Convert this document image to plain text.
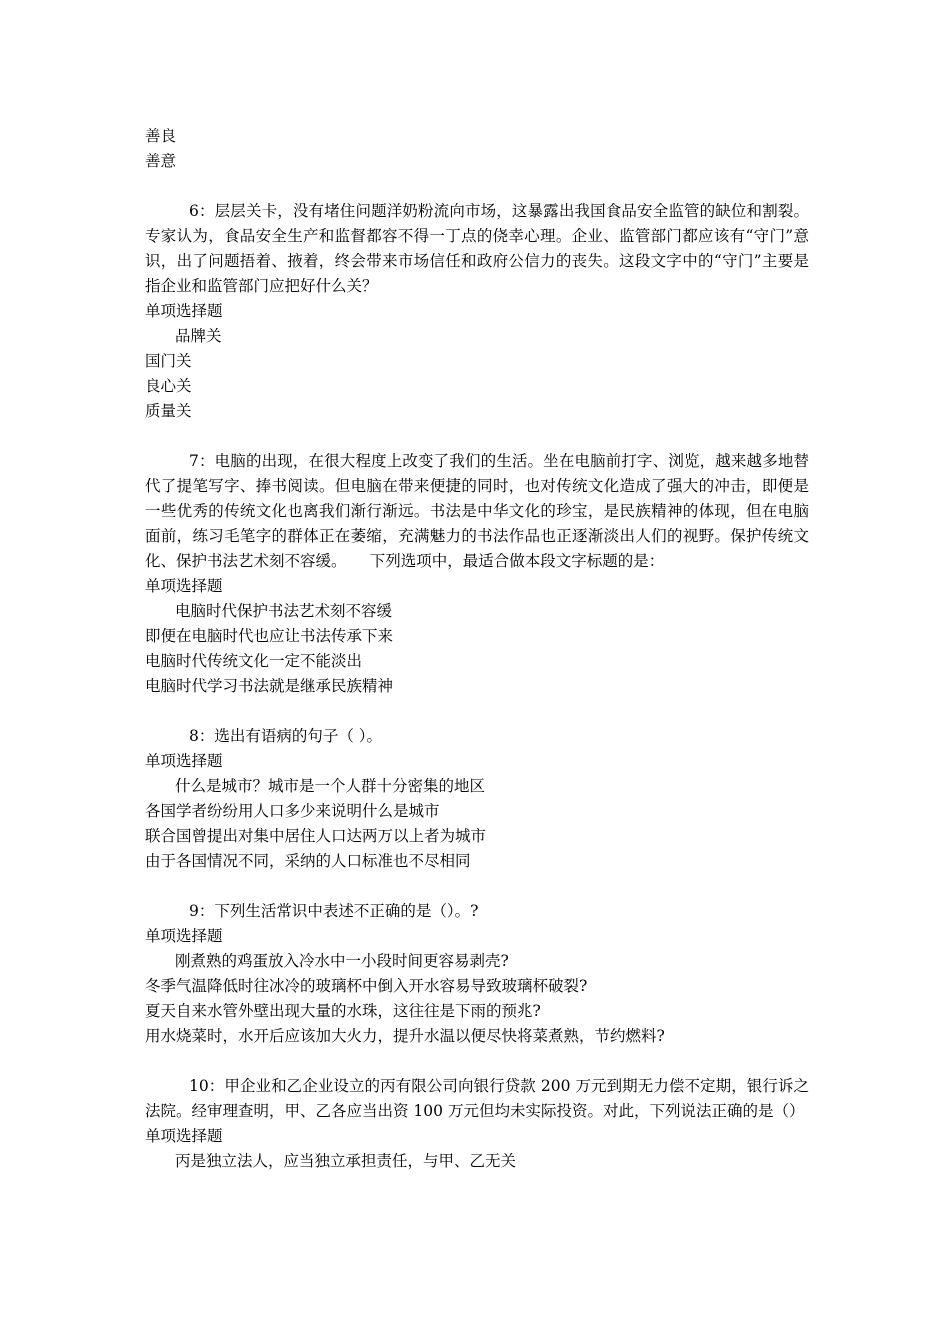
善良
善意
6：层层关卡，没有堵住问题洋奶粉流向市场，这暴露出我国食品安全监管的缺位和割裂。专家认为，食品安全生产和监督都容不得一丁点的侥幸心理。企业、监管部门都应该有“守门”意识，出了问题捂着、掖着，终会带来市场信任和政府公信力的丧失。这段文字中的“守门”主要是指企业和监管部门应把好什么关？
单项选择题
品牌关
国门关
良心关
质量关
7：电脑的出现，在很大程度上改变了我们的生活。坐在电脑前打字、浏览，越来越多地替代了提笔写字、捧书阅读。但电脑在带来便捷的同时，也对传统文化造成了强大的冲击，即便是一些优秀的传统文化也离我们渐行渐远。书法是中华文化的珍宝，是民族精神的体现，但在电脑面前，练习毛笔字的群体正在萎缩，充满魅力的书法作品也正逐渐淡出人们的视野。保护传统文化、保护书法艺术刻不容缓。　　下列选项中，最适合做本段文字标题的是：
单项选择题
电脑时代保护书法艺术刻不容缓
即便在电脑时代也应让书法传承下来
电脑时代传统文化一定不能淡出
电脑时代学习书法就是继承民族精神
8：选出有语病的句子（ ）。
单项选择题
什么是城市？城市是一个人群十分密集的地区
各国学者纷纷用人口多少来说明什么是城市
联合国曾提出对集中居住人口达两万以上者为城市
由于各国情况不同，采纳的人口标准也不尽相同
9：下列生活常识中表述不正确的是（）。?
单项选择题
刚煮熟的鸡蛋放入冷水中一小段时间更容易剥壳?
冬季气温降低时往冰冷的玻璃杯中倒入开水容易导致玻璃杯破裂?
夏天自来水管外壁出现大量的水珠，这往往是下雨的预兆?
用水烧菜时，水开后应该加大火力，提升水温以便尽快将菜煮熟，节约燃料?
10：甲企业和乙企业设立的丙有限公司向银行贷款 200 万元到期无力偿不定期，银行诉之法院。经审理查明，甲、乙各应当出资 100 万元但均未实际投资。对此，下列说法正确的是（）
单项选择题
丙是独立法人，应当独立承担责任，与甲、乙无关
